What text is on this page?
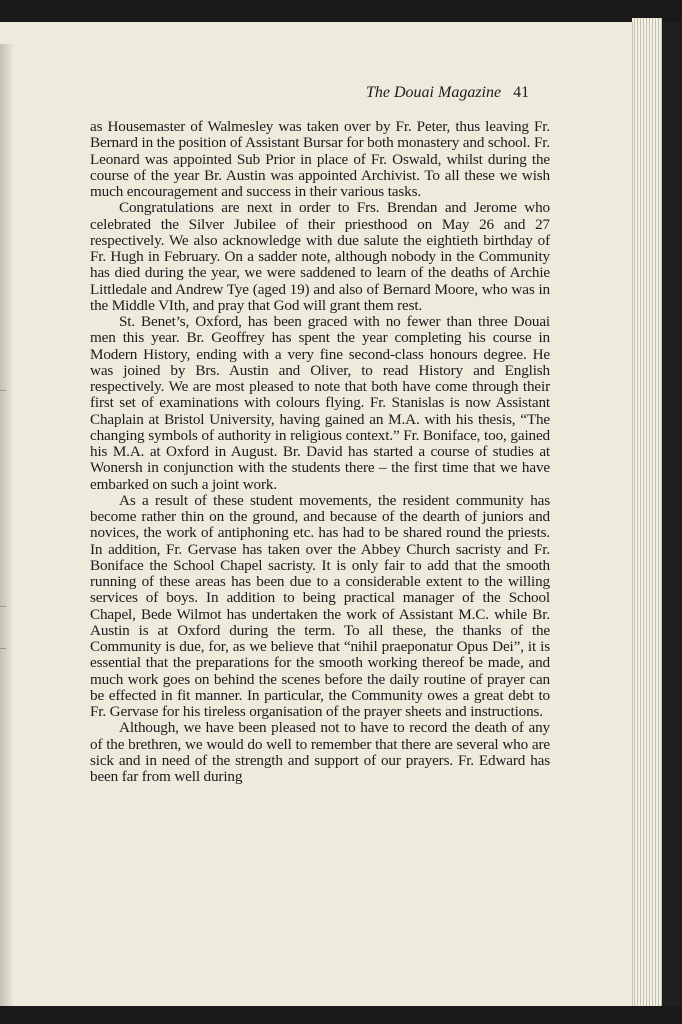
The Douai Magazine 41

as Housemaster of Walmesley was taken over by Fr. Peter, thus leaving Fr. Bernard in the position of Assistant Bursar for both monastery and school. Fr. Leonard was appointed Sub Prior in place of Fr. Oswald, whilst during the course of the year Br. Austin was appointed Archivist. To all these we wish much encouragement and success in their various tasks.

Congratulations are next in order to Frs. Brendan and Jerome who celebrated the Silver Jubilee of their priesthood on May 26 and 27 respectively. We also acknowledge with due salute the eightieth birthday of Fr. Hugh in February. On a sadder note, although nobody in the Community has died during the year, we were saddened to learn of the deaths of Archie Littledale and Andrew Tye (aged 19) and also of Bernard Moore, who was in the Middle VIth, and pray that God will grant them rest.

St. Benet’s, Oxford, has been graced with no fewer than three Douai men this year. Br. Geoffrey has spent the year completing his course in Modern History, ending with a very fine second-class honours degree. He was joined by Brs. Austin and Oliver, to read History and English respectively. We are most pleased to note that both have come through their first set of examinations with colours flying. Fr. Stanislas is now Assistant Chaplain at Bristol University, having gained an M.A. with his thesis, “The changing symbols of authority in religious context.” Fr. Boniface, too, gained his M.A. at Oxford in August. Br. David has started a course of studies at Wonersh in conjunction with the students there – the first time that we have embarked on such a joint work.

As a result of these student movements, the resident community has become rather thin on the ground, and because of the dearth of juniors and novices, the work of antiphoning etc. has had to be shared round the priests. In addition, Fr. Gervase has taken over the Abbey Church sacristy and Fr. Boniface the School Chapel sacristy. It is only fair to add that the smooth running of these areas has been due to a considerable extent to the willing services of boys. In addition to being practical manager of the School Chapel, Bede Wilmot has undertaken the work of Assistant M.C. while Br. Austin is at Oxford during the term. To all these, the thanks of the Community is due, for, as we believe that “nihil praeponatur Opus Dei”, it is essential that the preparations for the smooth working thereof be made, and much work goes on behind the scenes before the daily routine of prayer can be effected in fit manner. In particular, the Community owes a great debt to Fr. Gervase for his tireless organisation of the prayer sheets and instructions.

Although, we have been pleased not to have to record the death of any of the brethren, we would do well to remember that there are several who are sick and in need of the strength and support of our prayers. Fr. Edward has been far from well during
